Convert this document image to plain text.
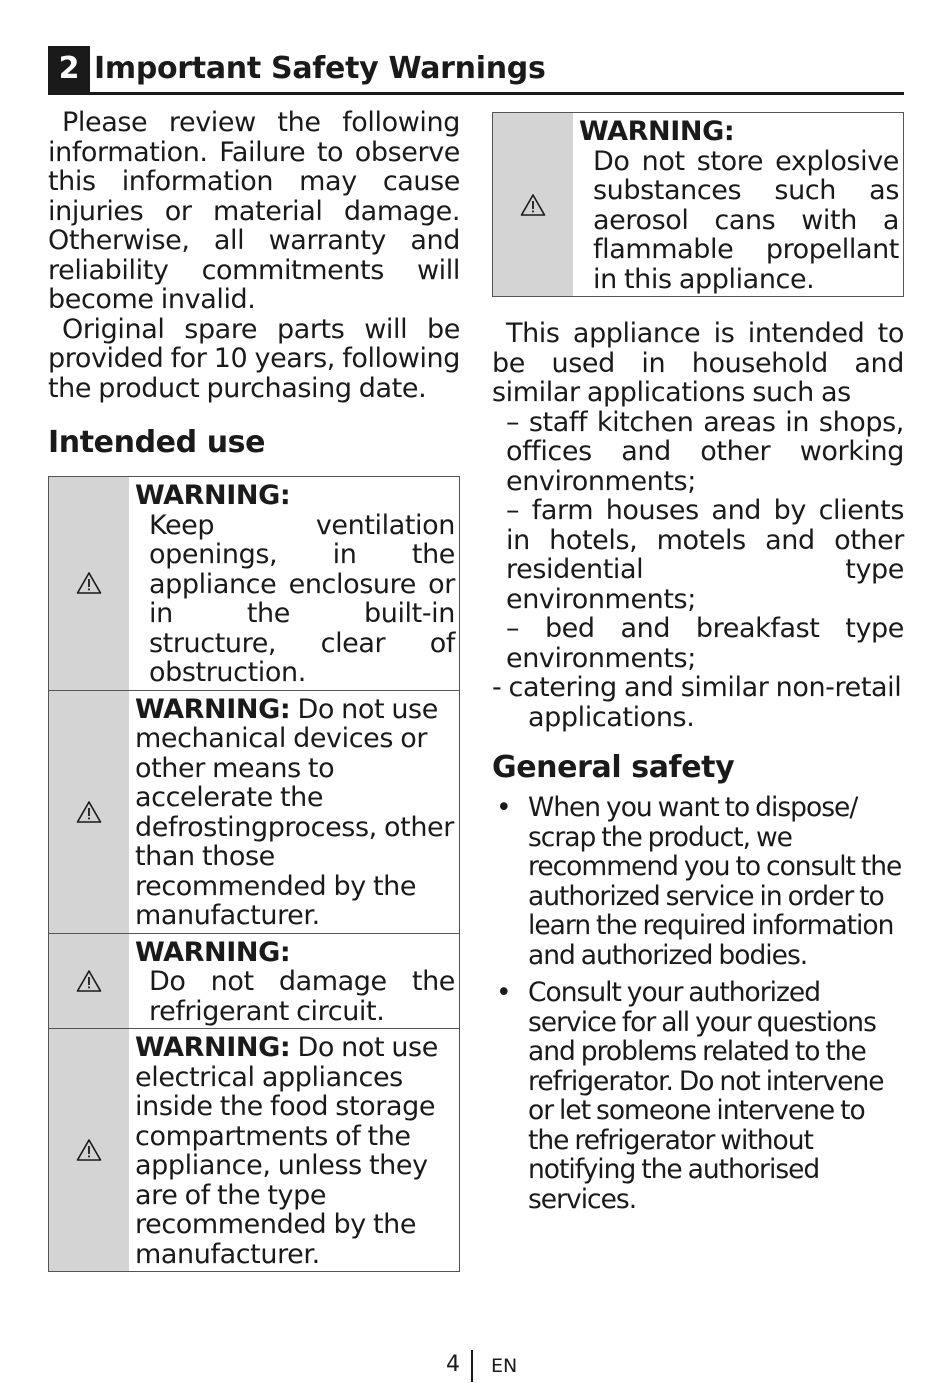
2 Important Safety Warnings

Please review the following information. Failure to observe this information may cause injuries or material damage. Otherwise, all warranty and reliability commitments will become invalid.

Original spare parts will be provided for 10 years, following the product purchasing date.

Intended use
WARNING:
Keep ventilation openings, in the appliance enclosure or in the built-in structure, clear of obstruction.
WARNING: Do not use mechanical devices or other means to accelerate the defrostingprocess, other than those recommended by the manufacturer.
WARNING:
Do not damage the refrigerant circuit.
WARNING: Do not use electrical appliances inside the food storage compartments of the appliance, unless they are of the type recommended by the manufacturer.
WARNING:
Do not store explosive substances such as aerosol cans with a flammable propellant in this appliance.

This appliance is intended to be used in household and similar applications such as

– staff kitchen areas in shops, offices and other working environments;

– farm houses and by clients in hotels, motels and other residential type environments;

– bed and breakfast type environments;

- catering and similar non-retail applications.

General safety
• When you want to dispose/ scrap the product, we recommend you to consult the authorized service in order to learn the required information and authorized bodies.
• Consult your authorized service for all your questions and problems related to the refrigerator. Do not intervene or let someone intervene to the refrigerator without notifying the authorised services.
4 EN
